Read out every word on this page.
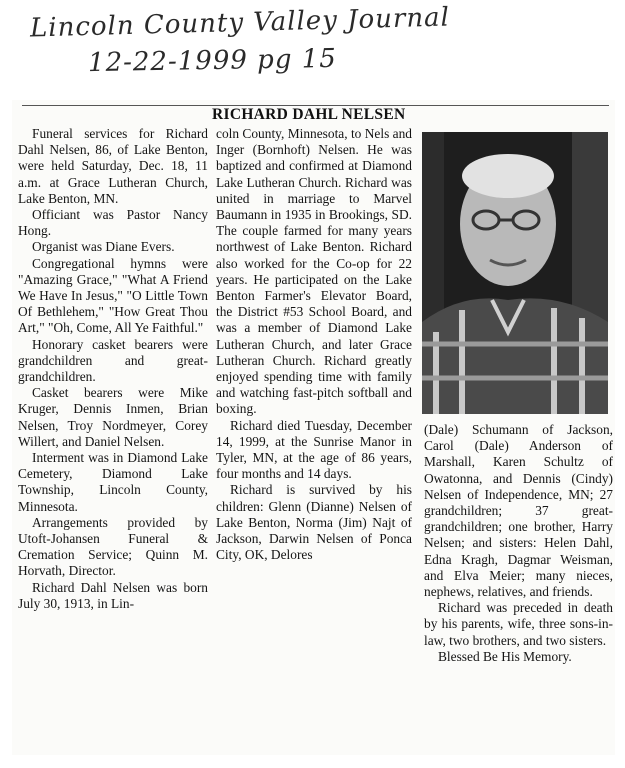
Lincoln County Valley Journal
12-22-1999 pg 15
RICHARD DAHL NELSEN

Funeral services for Richard Dahl Nelsen, 86, of Lake Benton, were held Saturday, Dec. 18, 11 a.m. at Grace Lutheran Church, Lake Benton, MN.

Officiant was Pastor Nancy Hong.

Organist was Diane Evers.

Congregational hymns were "Amazing Grace," "What A Friend We Have In Jesus," "O Little Town Of Bethlehem," "How Great Thou Art," "Oh, Come, All Ye Faithful."

Honorary casket bearers were grandchildren and great-grandchildren.

Casket bearers were Mike Kruger, Dennis Inmen, Brian Nelsen, Troy Nordmeyer, Corey Willert, and Daniel Nelsen.

Interment was in Diamond Lake Cemetery, Diamond Lake Township, Lincoln County, Minnesota.

Arrangements provided by Utoft-Johansen Funeral & Cremation Service; Quinn M. Horvath, Director.

Richard Dahl Nelsen was born July 30, 1913, in Lin-

coln County, Minnesota, to Nels and Inger (Bornhoft) Nelsen. He was baptized and confirmed at Diamond Lake Lutheran Church. Richard was united in marriage to Marvel Baumann in 1935 in Brookings, SD. The couple farmed for many years northwest of Lake Benton. Richard also worked for the Co-op for 22 years. He participated on the Lake Benton Farmer's Elevator Board, the District #53 School Board, and was a member of Diamond Lake Lutheran Church, and later Grace Lutheran Church. Richard greatly enjoyed spending time with family and watching fast-pitch softball and boxing.

Richard died Tuesday, December 14, 1999, at the Sunrise Manor in Tyler, MN, at the age of 86 years, four months and 14 days.

Richard is survived by his children: Glenn (Dianne) Nelsen of Lake Benton, Norma (Jim) Najt of Jackson, Darwin Nelsen of Ponca City, OK, Delores

(Dale) Schumann of Jackson, Carol (Dale) Anderson of Marshall, Karen Schultz of Owatonna, and Dennis (Cindy) Nelsen of Independence, MN; 27 grandchildren; 37 great-grandchildren; one brother, Harry Nelsen; and sisters: Helen Dahl, Edna Kragh, Dagmar Weisman, and Elva Meier; many nieces, nephews, relatives, and friends.

Richard was preceded in death by his parents, wife, three sons-in-law, two brothers, and two sisters.

Blessed Be His Memory.
